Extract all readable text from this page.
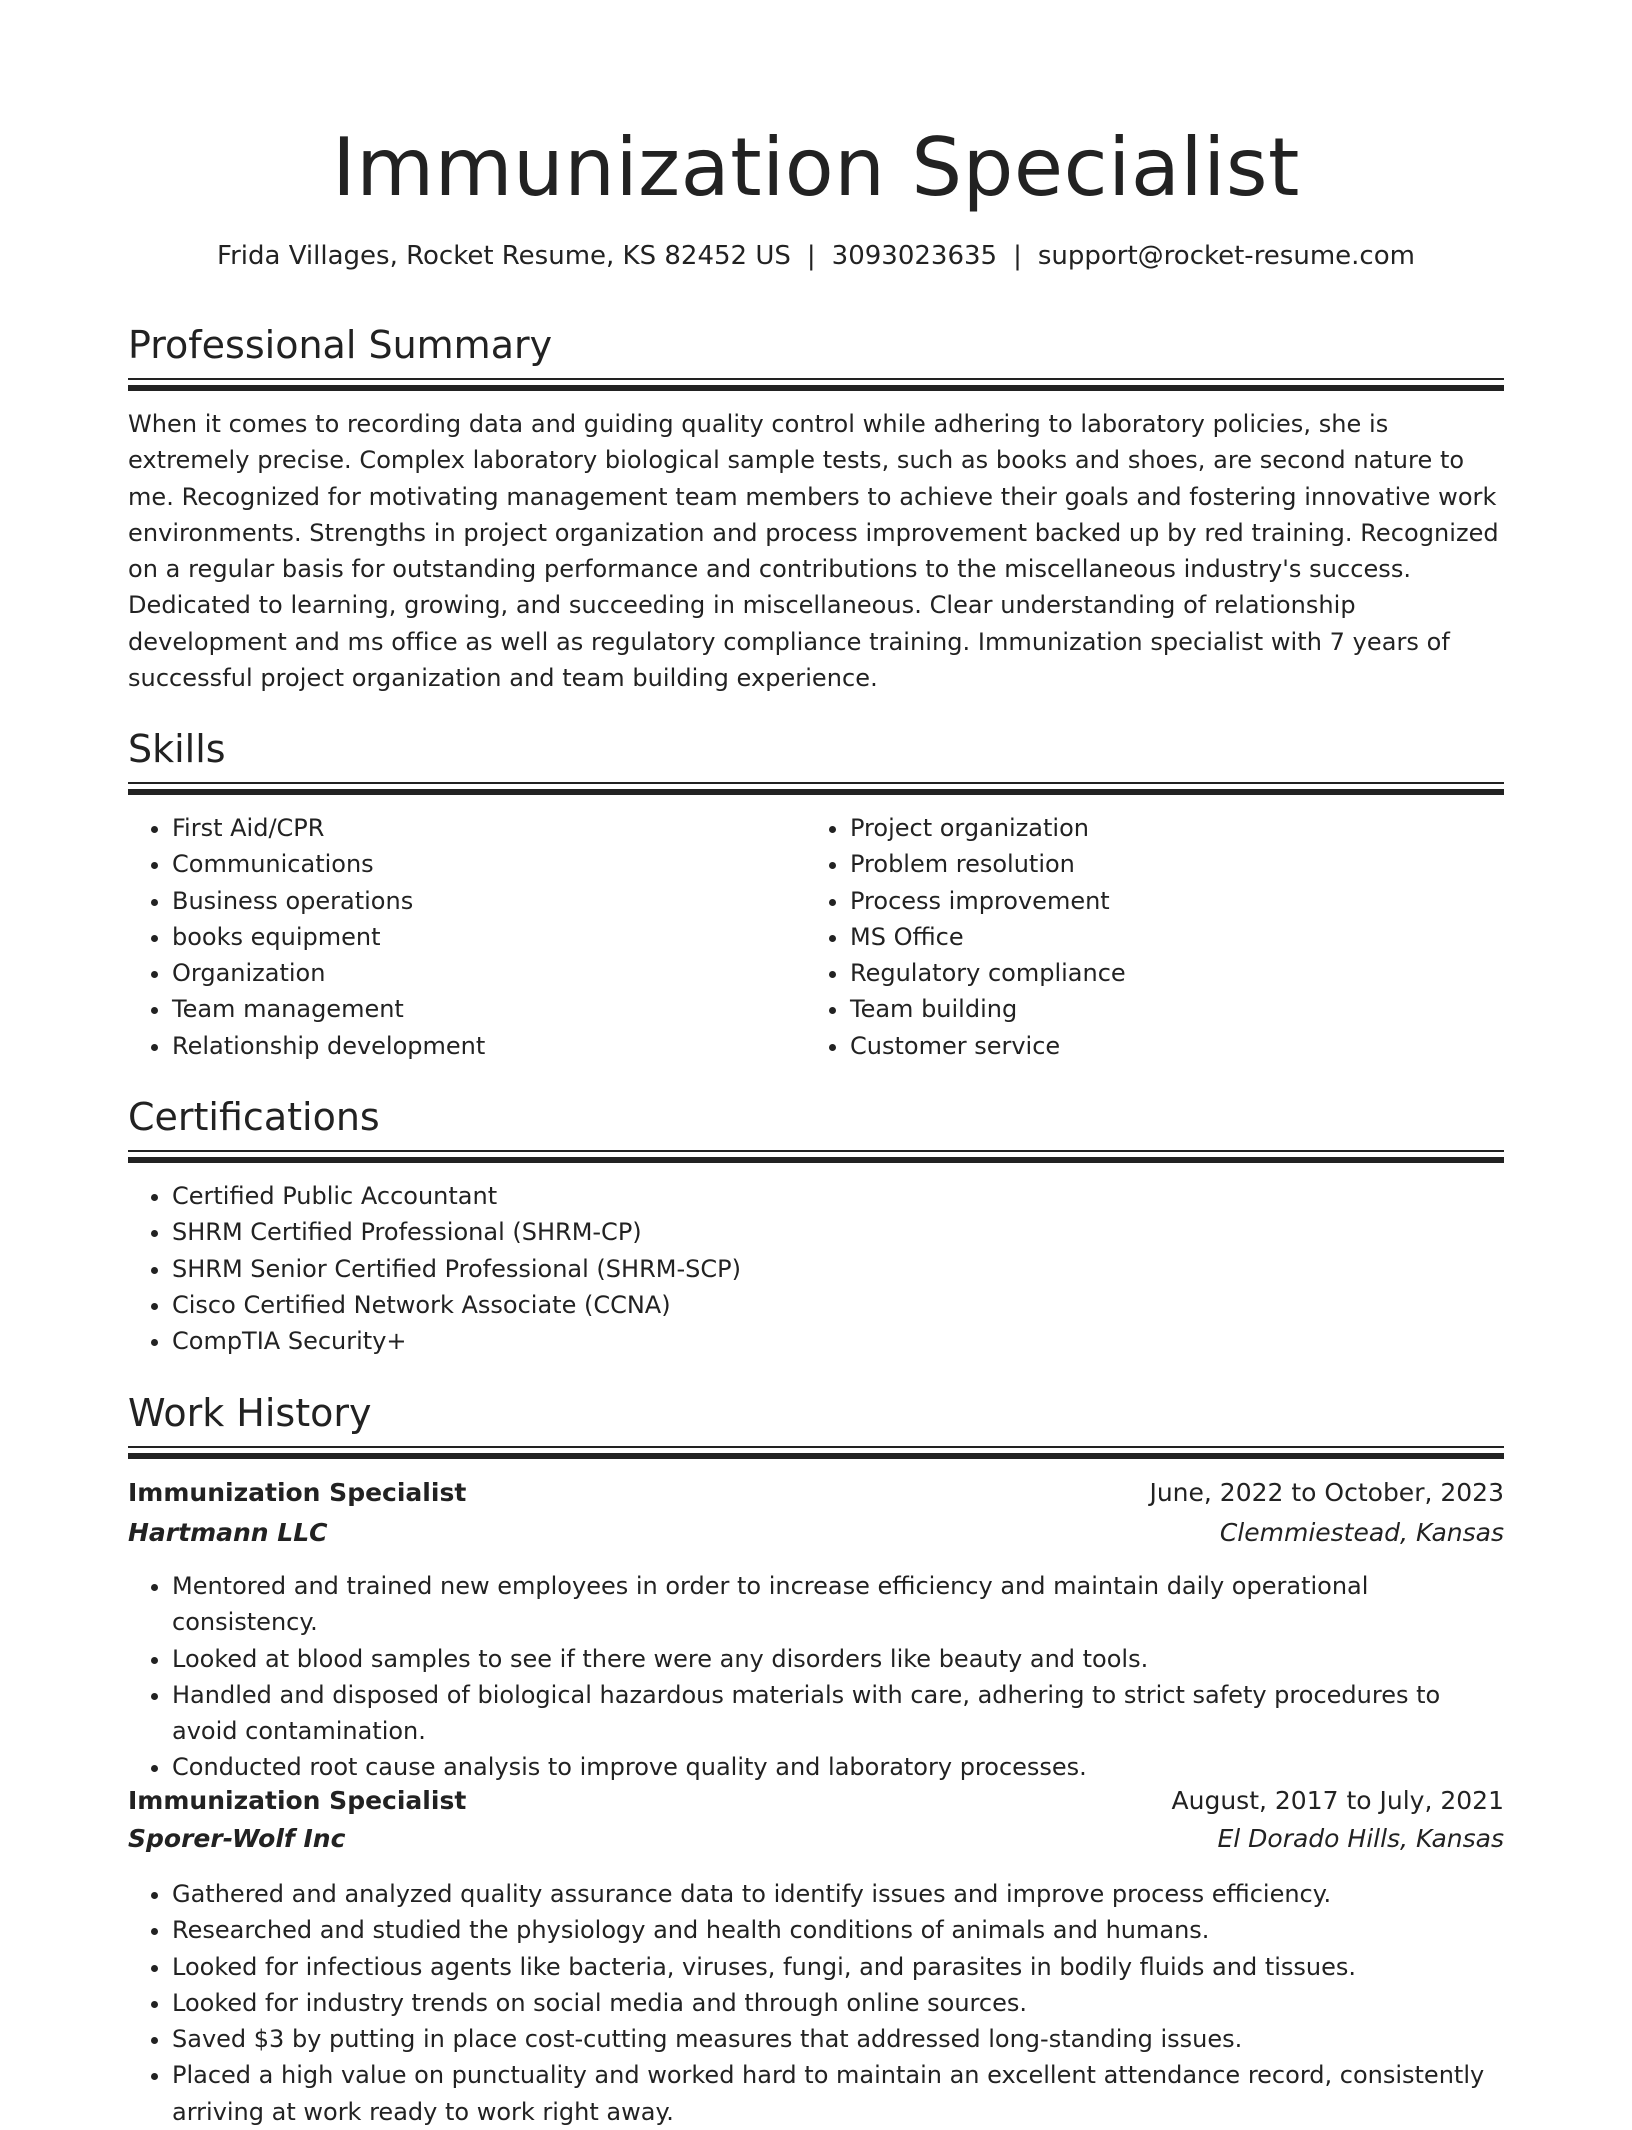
Immunization Specialist
Frida Villages, Rocket Resume, KS 82452 US | 3093023635 | support@rocket-resume.com
Professional Summary

When it comes to recording data and guiding quality control while adhering to laboratory policies, she is extremely precise. Complex laboratory biological sample tests, such as books and shoes, are second nature to me. Recognized for motivating management team members to achieve their goals and fostering innovative work environments. Strengths in project organization and process improvement backed up by red training. Recognized on a regular basis for outstanding performance and contributions to the miscellaneous industry's success. Dedicated to learning, growing, and succeeding in miscellaneous. Clear understanding of relationship development and ms office as well as regulatory compliance training. Immunization specialist with 7 years of successful project organization and team building experience.

Skills
• First Aid/CPR
• Communications
• Business operations
• books equipment
• Organization
• Team management
• Relationship development
• Project organization
• Problem resolution
• Process improvement
• MS Office
• Regulatory compliance
• Team building
• Customer service
Certifications
• Certified Public Accountant
• SHRM Certified Professional (SHRM-CP)
• SHRM Senior Certified Professional (SHRM-SCP)
• Cisco Certified Network Associate (CCNA)
• CompTIA Security+
Work History
Immunization Specialist	June, 2022 to October, 2023
Hartmann LLC	Clemmiestead, Kansas
• Mentored and trained new employees in order to increase efficiency and maintain daily operational consistency.
• Looked at blood samples to see if there were any disorders like beauty and tools.
• Handled and disposed of biological hazardous materials with care, adhering to strict safety procedures to avoid contamination.
• Conducted root cause analysis to improve quality and laboratory processes.
Immunization Specialist	August, 2017 to July, 2021
Sporer-Wolf Inc	El Dorado Hills, Kansas
• Gathered and analyzed quality assurance data to identify issues and improve process efficiency.
• Researched and studied the physiology and health conditions of animals and humans.
• Looked for infectious agents like bacteria, viruses, fungi, and parasites in bodily fluids and tissues.
• Looked for industry trends on social media and through online sources.
• Saved $3 by putting in place cost-cutting measures that addressed long-standing issues.
• Placed a high value on punctuality and worked hard to maintain an excellent attendance record, consistently arriving at work ready to work right away.
